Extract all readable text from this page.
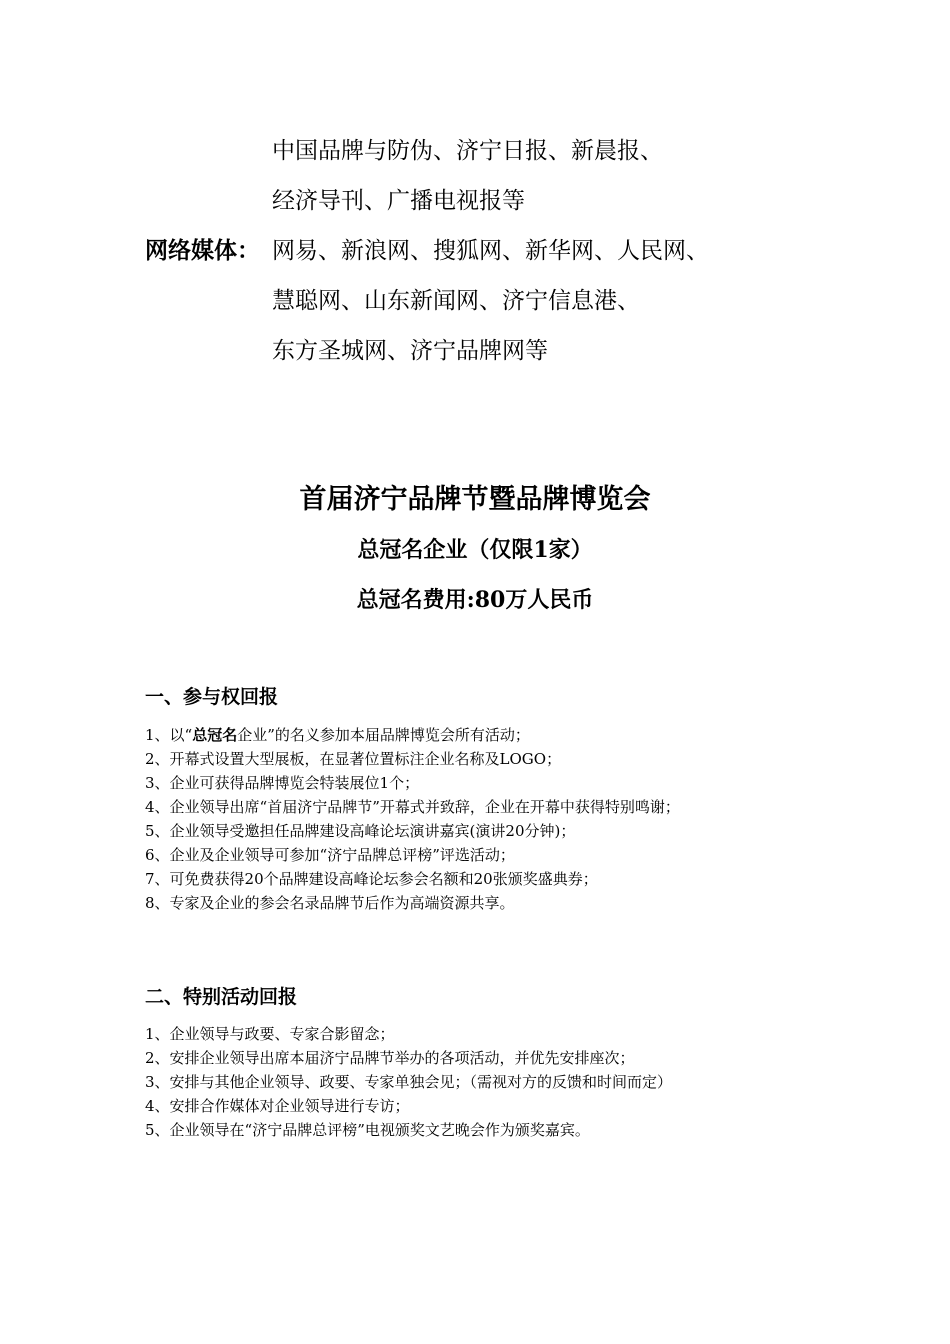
中国品牌与防伪、济宁日报、新晨报、
经济导刊、广播电视报等
网络媒体： 网易、新浪网、搜狐网、新华网、人民网、
慧聪网、山东新闻网、济宁信息港、
东方圣城网、济宁品牌网等
首届济宁品牌节暨品牌博览会
总冠名企业（仅限1家）
总冠名费用:80万人民币
一、参与权回报
1、以“总冠名企业”的名义参加本届品牌博览会所有活动；
2、开幕式设置大型展板，在显著位置标注企业名称及LOGO；
3、企业可获得品牌博览会特装展位1个；
4、企业领导出席“首届济宁品牌节”开幕式并致辞，企业在开幕中获得特别鸣谢；
5、企业领导受邀担任品牌建设高峰论坛演讲嘉宾(演讲20分钟)；
6、企业及企业领导可参加“济宁品牌总评榜”评选活动；
7、可免费获得20个品牌建设高峰论坛参会名额和20张颁奖盛典券；
8、专家及企业的参会名录品牌节后作为高端资源共享。
二、特别活动回报
1、企业领导与政要、专家合影留念；
2、安排企业领导出席本届济宁品牌节举办的各项活动，并优先安排座次；
3、安排与其他企业领导、政要、专家单独会见；（需视对方的反馈和时间而定）
4、安排合作媒体对企业领导进行专访；
5、企业领导在“济宁品牌总评榜”电视颁奖文艺晚会作为颁奖嘉宾。
